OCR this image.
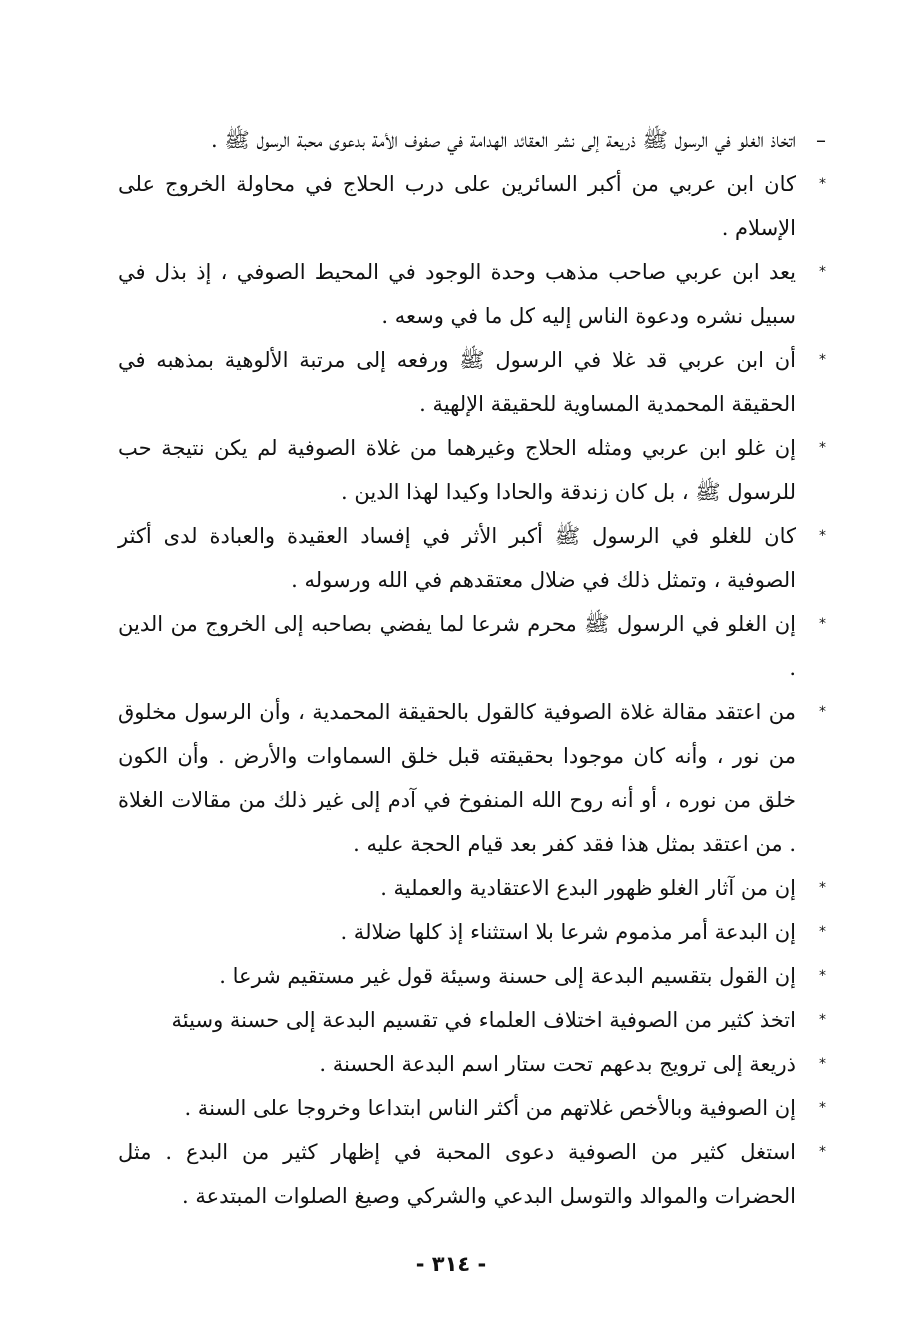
–
اتخاذ الغلو في الرسول ﷺ ذريعة إلى نشر العقائد الهدامة في صفوف الأمة بدعوى محبة الرسول ﷺ .

*
كان ابن عربي من أكبر السائرين على درب الحلاج في محاولة الخروج على الإسلام .

*
يعد ابن عربي صاحب مذهب وحدة الوجود في المحيط الصوفي ، إذ بذل في سبيل نشره ودعوة الناس إليه كل ما في وسعه .

*
أن ابن عربي قد غلا في الرسول ﷺ ورفعه إلى مرتبة الألوهية بمذهبه في الحقيقة المحمدية المساوية للحقيقة الإلهية .

*
إن غلو ابن عربي ومثله الحلاج وغيرهما من غلاة الصوفية لم يكن نتيجة حب للرسول ﷺ ، بل كان زندقة والحادا وكيدا لهذا الدين .

*
كان للغلو في الرسول ﷺ أكبر الأثر في إفساد العقيدة والعبادة لدى أكثر الصوفية ، وتمثل ذلك في ضلال معتقدهم في الله ورسوله .

*
إن الغلو في الرسول ﷺ محرم شرعا لما يفضي بصاحبه إلى الخروج من الدين .

*
من اعتقد مقالة غلاة الصوفية كالقول بالحقيقة المحمدية ، وأن الرسول مخلوق من نور ، وأنه كان موجودا بحقيقته قبل خلق السماوات والأرض . وأن الكون خلق من نوره ، أو أنه روح الله المنفوخ في آدم إلى غير ذلك من مقالات الغلاة . من اعتقد بمثل هذا فقد كفر بعد قيام الحجة عليه .

*
إن من آثار الغلو ظهور البدع الاعتقادية والعملية .

*
إن البدعة أمر مذموم شرعا بلا استثناء إذ كلها ضلالة .

*
إن القول بتقسيم البدعة إلى حسنة وسيئة قول غير مستقيم شرعا .

*
اتخذ كثير من الصوفية اختلاف العلماء في تقسيم البدعة إلى حسنة وسيئة

*
ذريعة إلى ترويج بدعهم تحت ستار اسم البدعة الحسنة .

*
إن الصوفية وبالأخص غلاتهم من أكثر الناس ابتداعا وخروجا على السنة .

*
استغل كثير من الصوفية دعوى المحبة في إظهار كثير من البدع . مثل الحضرات والموالد والتوسل البدعي والشركي وصيغ الصلوات المبتدعة .

- ٣١٤ -
